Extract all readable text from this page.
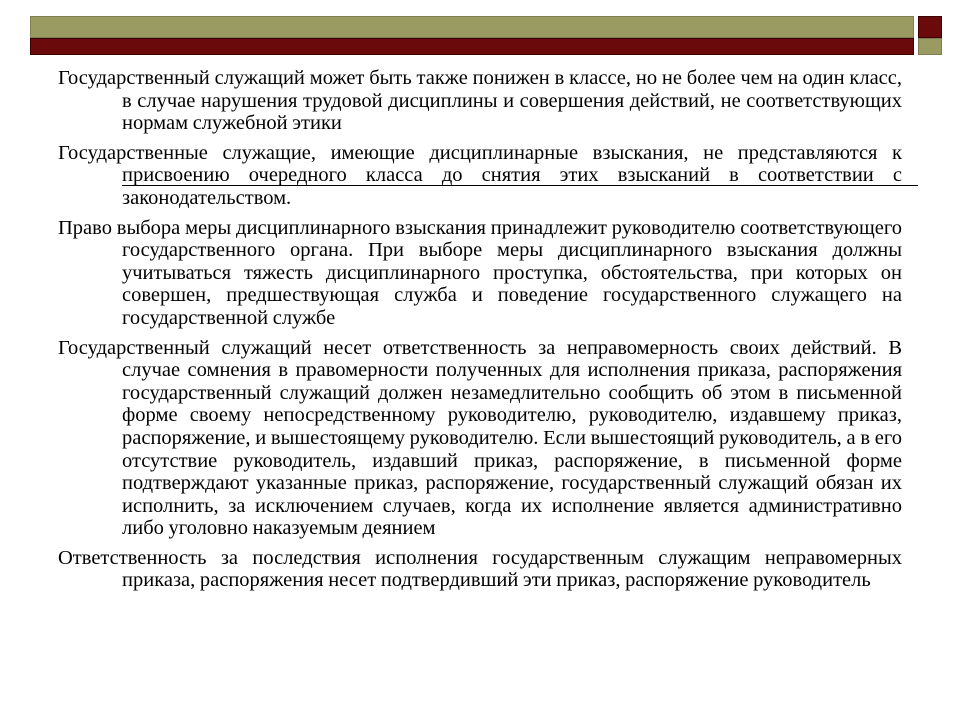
Государственный служащий может быть также понижен в классе, но не более чем на один класс, в случае нарушения трудовой дисциплины и совершения действий, не соответствующих нормам служебной этики

Государственные служащие, имеющие дисциплинарные взыскания, не представляются к присвоению очередного класса до снятия этих взысканий в соответствии с законодательством.

Право выбора меры дисциплинарного взыскания принадлежит руководителю соответствующего государственного органа. При выборе меры дисциплинарного взыскания должны учитываться тяжесть дисциплинарного проступка, обстоятельства, при которых он совершен, предшествующая служба и поведение государственного служащего на государственной службе

Государственный служащий несет ответственность за неправомерность своих действий. В случае сомнения в правомерности полученных для исполнения приказа, распоряжения государственный служащий должен незамедлительно сообщить об этом в письменной форме своему непосредственному руководителю, руководителю, издавшему приказ, распоряжение, и вышестоящему руководителю. Если вышестоящий руководитель, а в его отсутствие руководитель, издавший приказ, распоряжение, в письменной форме подтверждают указанные приказ, распоряжение, государственный служащий обязан их исполнить, за исключением случаев, когда их исполнение является административно либо уголовно наказуемым деянием

Ответственность за последствия исполнения государственным служащим неправомерных приказа, распоряжения несет подтвердивший эти приказ, распоряжение руководитель
